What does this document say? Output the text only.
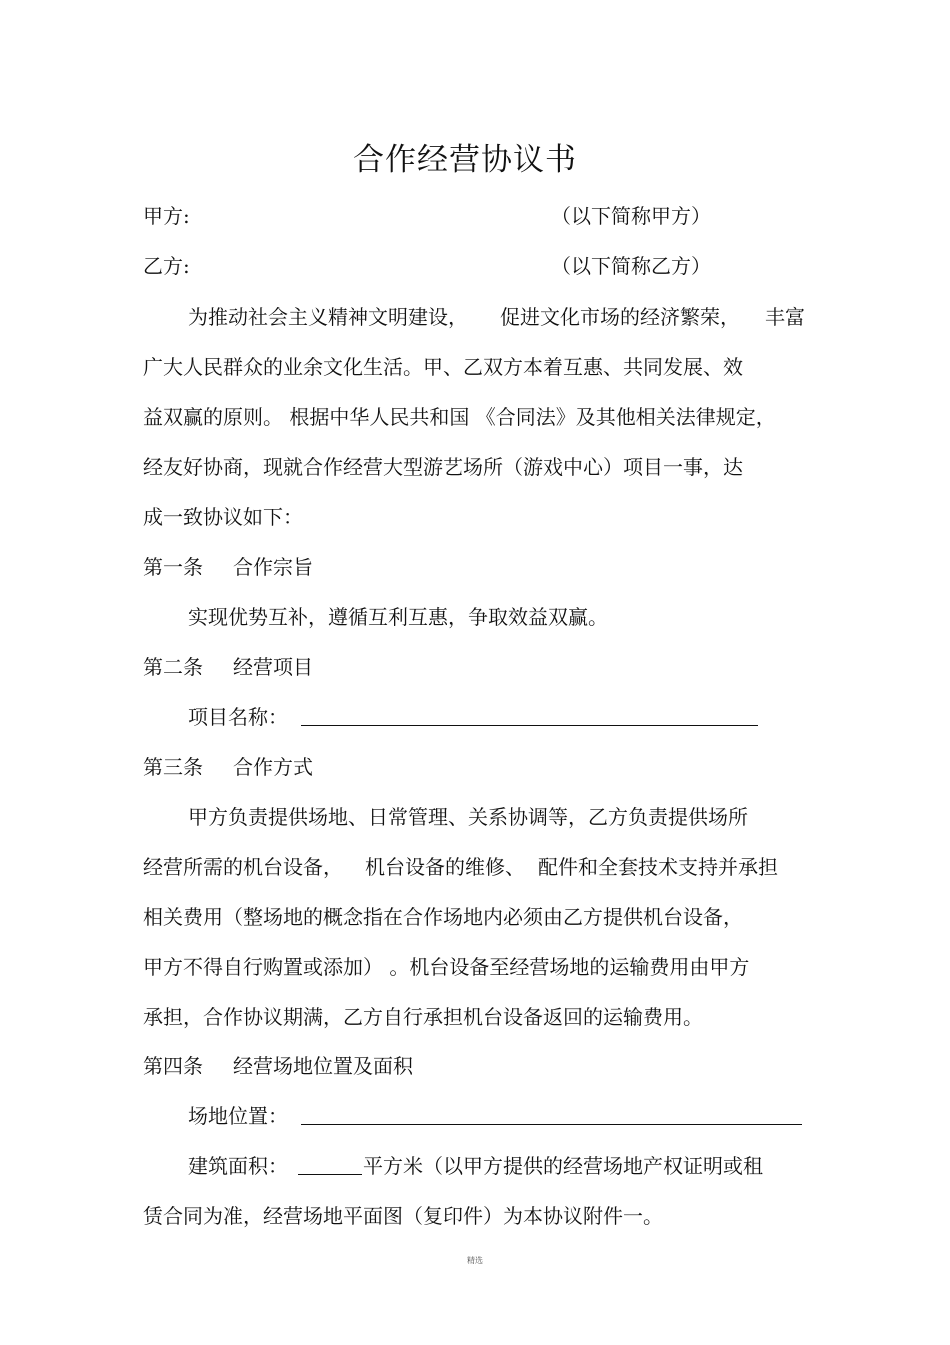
合作经营协议书
甲方:	（以下简称甲方）
乙方:	（以下简称乙方）
为推动社会主义精神文明建设， 促进文化市场的经济繁荣， 丰富
广大人民群众的业余文化生活。甲、乙双方本着互惠、共同发展、效
益双赢的原则。 根据中华人民共和国 《合同法》及其他相关法律规定，
经友好协商，现就合作经营大型游艺场所（游戏中心）项目一事，达
成一致协议如下：
第一条 合作宗旨
实现优势互补，遵循互利互惠，争取效益双赢。
第二条 经营项目
项目名称：
第三条 合作方式
甲方负责提供场地、日常管理、关系协调等，乙方负责提供场所
经营所需的机台设备， 机台设备的维修、 配件和全套技术支持并承担
相关费用（整场地的概念指在合作场地内必须由乙方提供机台设备，
甲方不得自行购置或添加） 。机台设备至经营场地的运输费用由甲方
承担，合作协议期满，乙方自行承担机台设备返回的运输费用。
第四条 经营场地位置及面积
场地位置：
建筑面积：	平方米（以甲方提供的经营场地产权证明或租
赁合同为准，经营场地平面图（复印件）为本协议附件一。
精选
